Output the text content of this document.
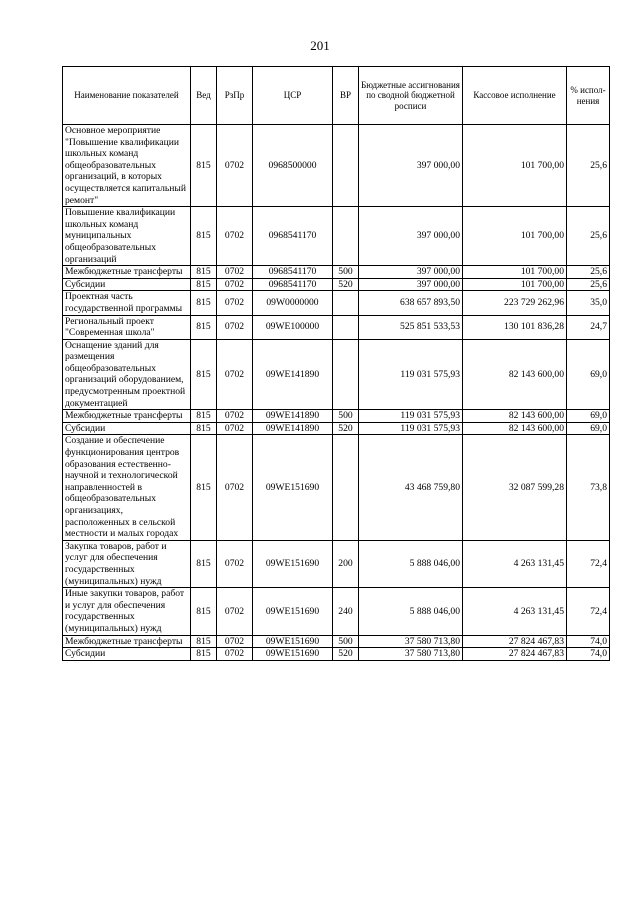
201
Наименование показателей	Вед	РзПр	ЦСР	ВР	Бюджетные ассигнования по сводной бюджетной росписи	Кассовое исполнение	% испол-нения
Основное мероприятие "Повышение квалификации школьных команд общеобразовательных организаций, в которых осуществляется капитальный ремонт"	815	0702	0968500000		397 000,00	101 700,00	25,6
Повышение квалификации школьных команд муниципальных общеобразовательных организаций	815	0702	0968541170		397 000,00	101 700,00	25,6
Межбюджетные трансферты	815	0702	0968541170	500	397 000,00	101 700,00	25,6
Субсидии	815	0702	0968541170	520	397 000,00	101 700,00	25,6
Проектная часть государственной программы	815	0702	09W0000000		638 657 893,50	223 729 262,96	35,0
Региональный проект "Современная школа"	815	0702	09WE100000		525 851 533,53	130 101 836,28	24,7
Оснащение зданий для размещения общеобразовательных организаций оборудованием, предусмотренным проектной документацией	815	0702	09WE141890		119 031 575,93	82 143 600,00	69,0
Межбюджетные трансферты	815	0702	09WE141890	500	119 031 575,93	82 143 600,00	69,0
Субсидии	815	0702	09WE141890	520	119 031 575,93	82 143 600,00	69,0
Создание и обеспечение функционирования центров образования естественно-научной и технологической направленностей в общеобразовательных организациях, расположенных в сельской местности и малых городах	815	0702	09WE151690		43 468 759,80	32 087 599,28	73,8
Закупка товаров, работ и услуг для обеспечения государственных (муниципальных) нужд	815	0702	09WE151690	200	5 888 046,00	4 263 131,45	72,4
Иные закупки товаров, работ и услуг для обеспечения государственных (муниципальных) нужд	815	0702	09WE151690	240	5 888 046,00	4 263 131,45	72,4
Межбюджетные трансферты	815	0702	09WE151690	500	37 580 713,80	27 824 467,83	74,0
Субсидии	815	0702	09WE151690	520	37 580 713,80	27 824 467,83	74,0
